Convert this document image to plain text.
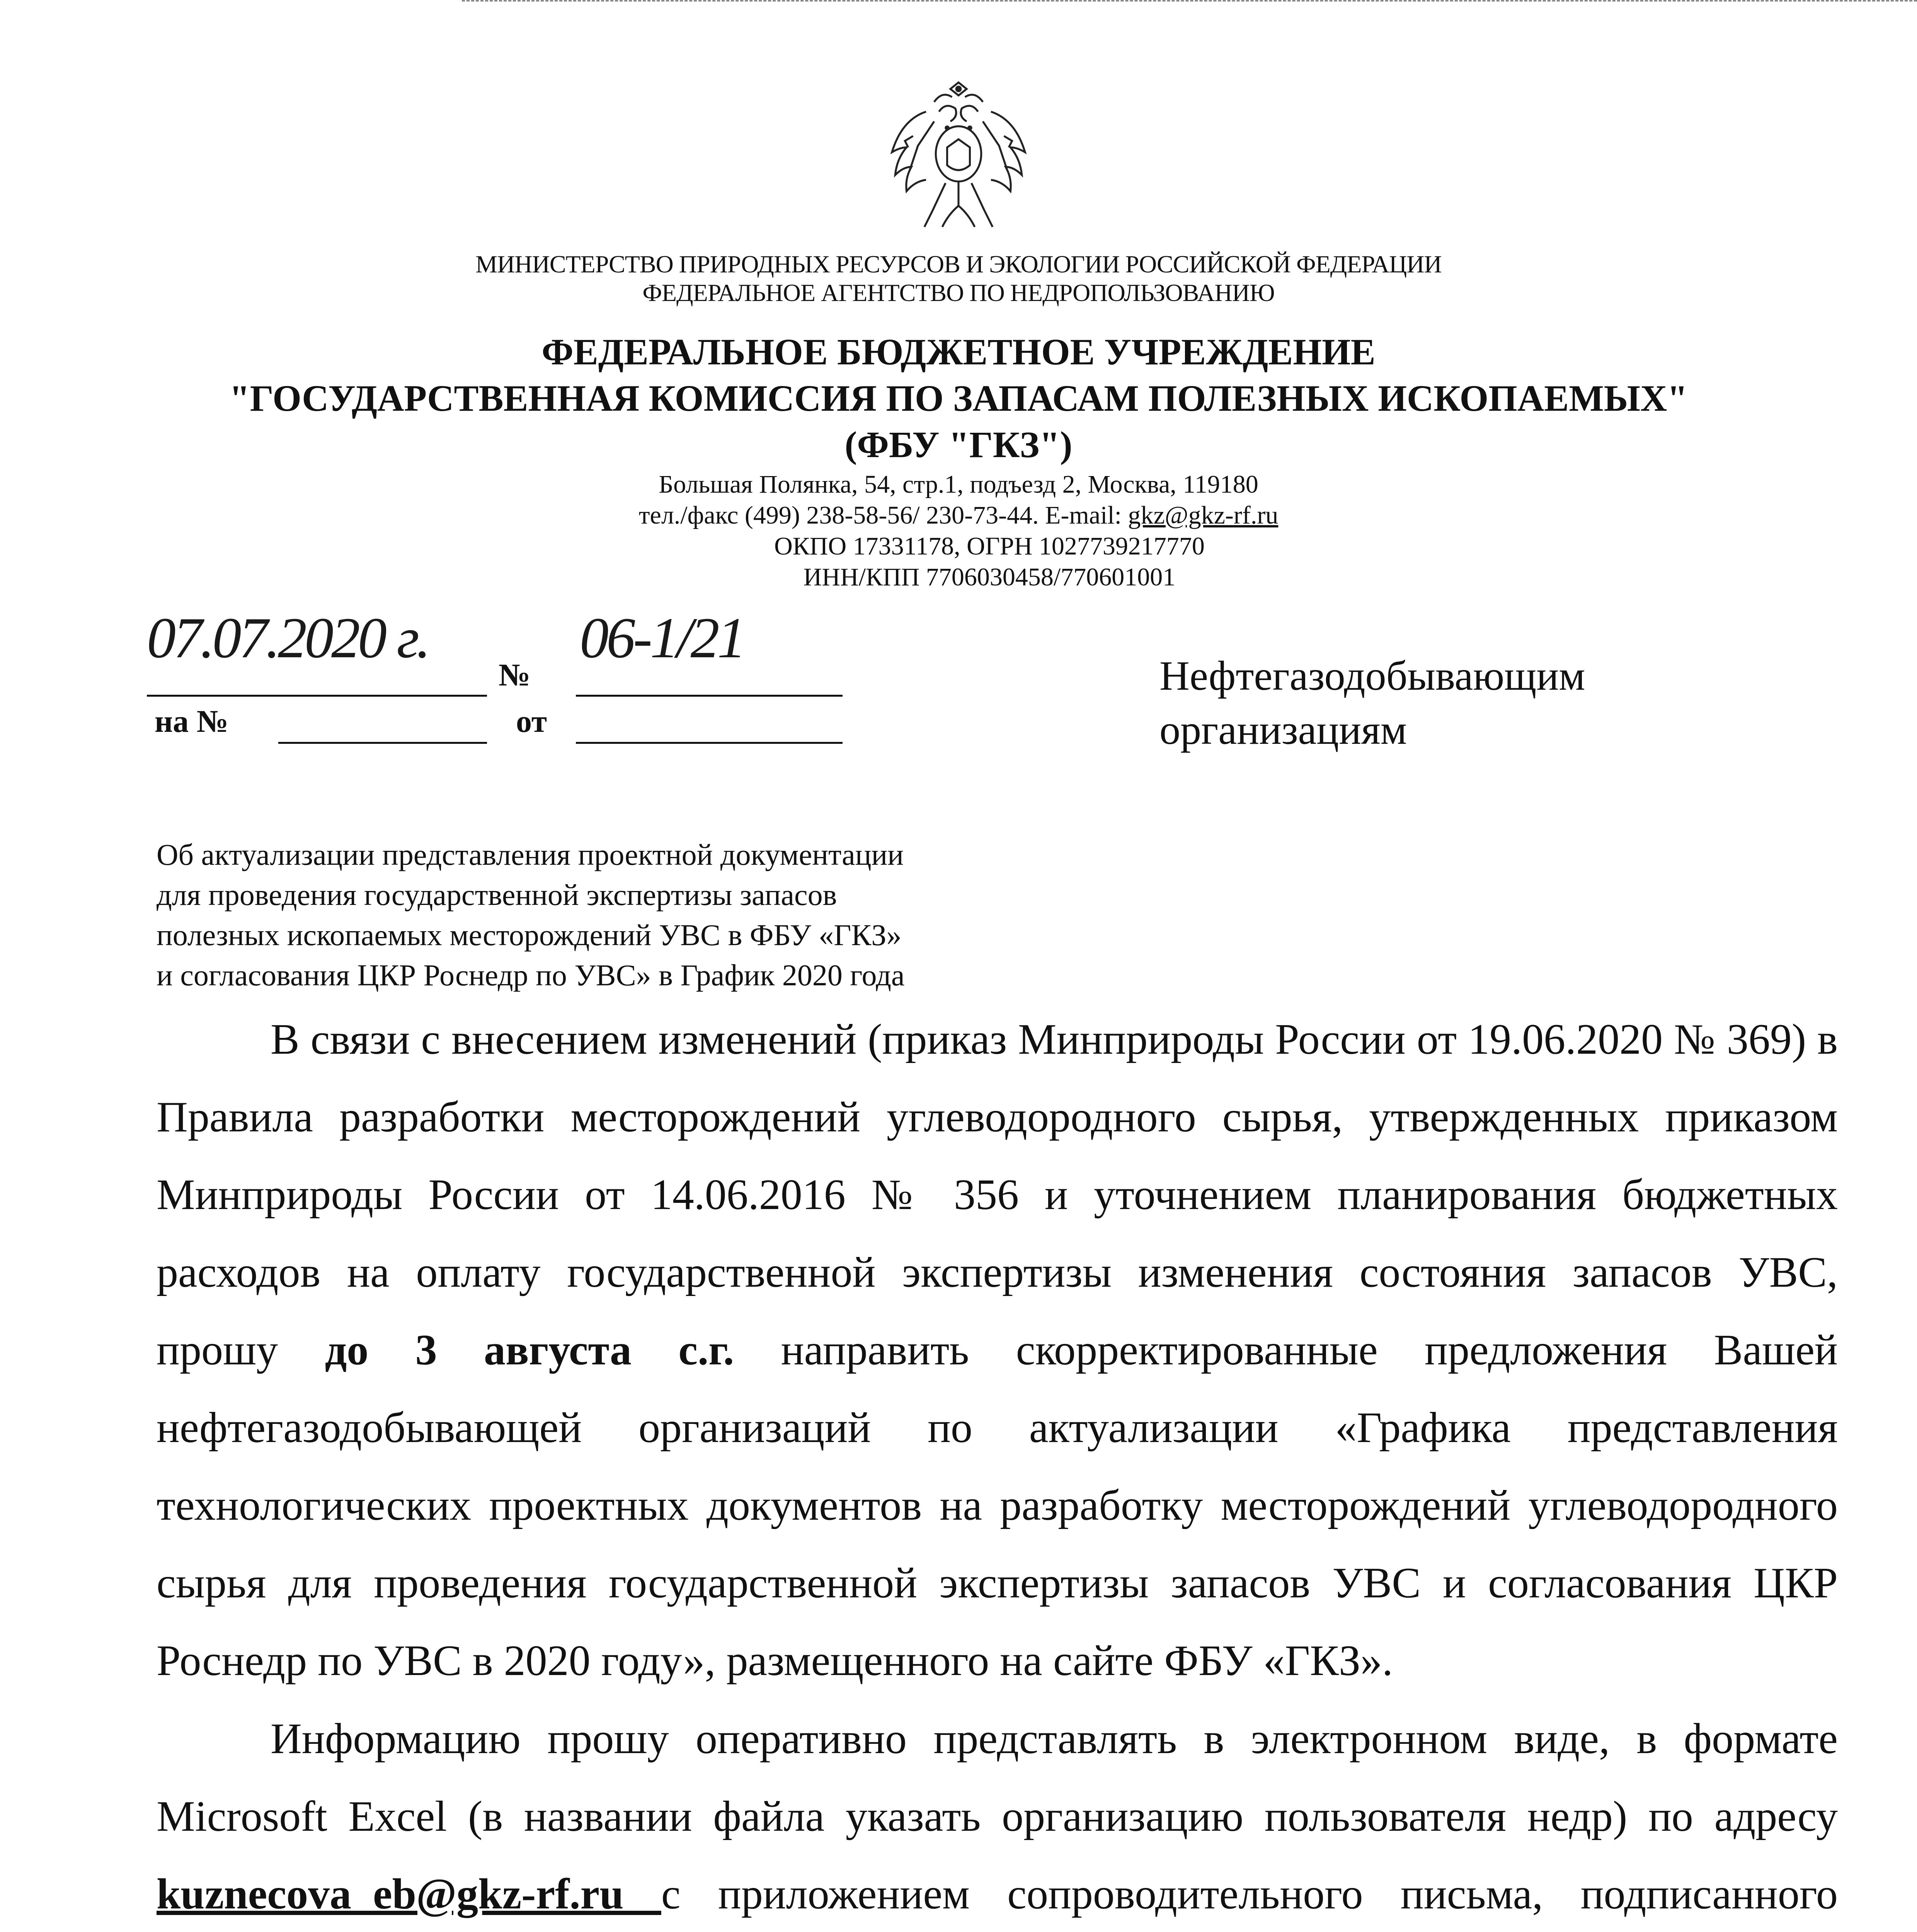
МИНИСТЕРСТВО ПРИРОДНЫХ РЕСУРСОВ И ЭКОЛОГИИ РОССИЙСКОЙ ФЕДЕРАЦИИ
ФЕДЕРАЛЬНОЕ АГЕНТСТВО ПО НЕДРОПОЛЬЗОВАНИЮ
ФЕДЕРАЛЬНОЕ БЮДЖЕТНОЕ УЧРЕЖДЕНИЕ
"ГОСУДАРСТВЕННАЯ КОМИССИЯ ПО ЗАПАСАМ ПОЛЕЗНЫХ ИСКОПАЕМЫХ"
(ФБУ "ГКЗ")
Большая Полянка, 54, стр.1, подъезд 2, Москва, 119180
тел./факс (499) 238-58-56/ 230-73-44. E-mail: gkz@gkz-rf.ru
ОКПО 17331178, ОГРН 1027739217770
ИНН/КПП 7706030458/770601001
07.07.2020 г.
№
06-1/21
на №	от
Нефтегазодобывающим
организациям
Об актуализации представления проектной документации
для проведения государственной экспертизы запасов
полезных ископаемых месторождений УВС в ФБУ «ГКЗ»
и согласования ЦКР Роснедр по УВС» в График 2020 года

В связи с внесением изменений (приказ Минприроды России от 19.06.2020 № 369) в Правила разработки месторождений углеводородного сырья, утвержденных приказом Минприроды России от 14.06.2016 № 356 и уточнением планирования бюджетных расходов на оплату государственной экспертизы изменения состояния запасов УВС, прошу до 3 августа с.г. направить скорректированные предложения Вашей нефтегазодобывающей организаций по актуализации «Графика представления технологических проектных документов на разработку месторождений углеводородного сырья для проведения государственной экспертизы запасов УВС и согласования ЦКР Роснедр по УВС в 2020 году», размещенного на сайте ФБУ «ГКЗ».

Информацию прошу оперативно представлять в электронном виде, в формате Microsoft Excel (в названии файла указать организацию пользователя недр) по адресу kuznecova_eb@gkz-rf.ru с приложением сопроводительного письма, подписанного
